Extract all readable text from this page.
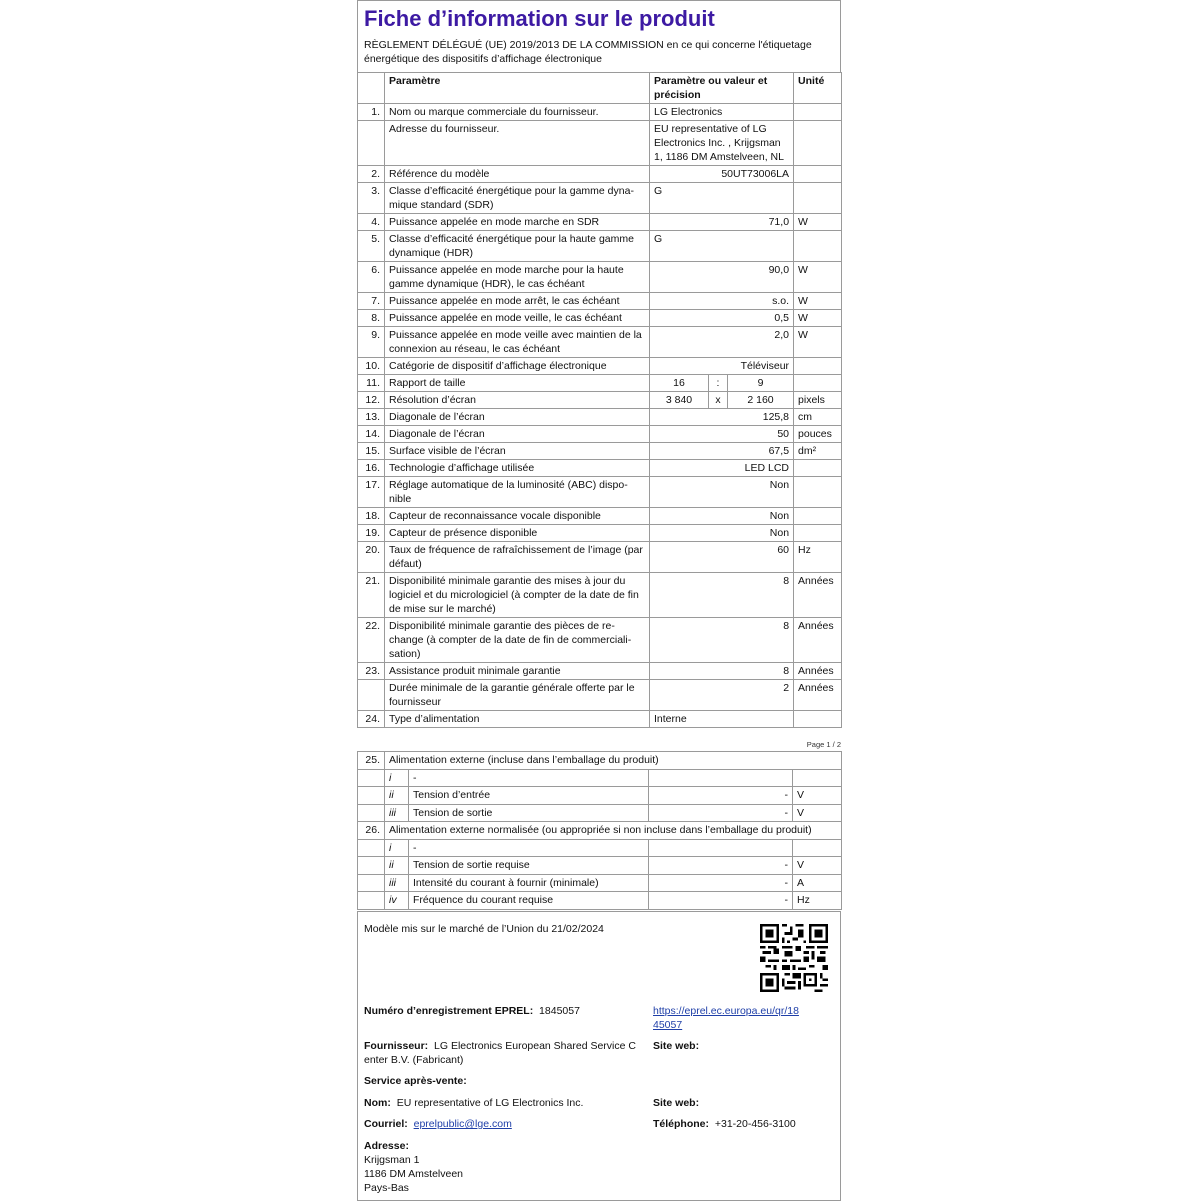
Fiche d’information sur le produit
RÈGLEMENT DÉLÉGUÉ (UE) 2019/2013 DE LA COMMISSION en ce qui concerne l'étiquetage énergétique des dispositifs d’affichage électronique
	Paramètre	Paramètre ou valeur et précision			Unité
1.	Nom ou marque commerciale du fournisseur.	LG Electronics			
	Adresse du fournisseur.	EU representative of LG Electronics Inc. , Krijgsman 1, 1186 DM Amstelveen, NL			
2.	Référence du modèle	50UT73006LA			
3.	Classe d’efficacité énergétique pour la gamme dyna-mique standard (SDR)	G			
4.	Puissance appelée en mode marche en SDR	71,0			W
5.	Classe d’efficacité énergétique pour la haute gamme dynamique (HDR)	G			
6.	Puissance appelée en mode marche pour la haute gamme dynamique (HDR), le cas échéant	90,0			W
7.	Puissance appelée en mode arrêt, le cas échéant	s.o.			W
8.	Puissance appelée en mode veille, le cas échéant	0,5			W
9.	Puissance appelée en mode veille avec maintien de la connexion au réseau, le cas échéant	2,0			W
10.	Catégorie de dispositif d’affichage électronique	Téléviseur			
11.	Rapport de taille	16	:	9	
12.	Résolution d’écran	3 840	x	2 160	pixels
13.	Diagonale de l’écran	125,8			cm
14.	Diagonale de l’écran	50			pouces
15.	Surface visible de l’écran	67,5			dm²
16.	Technologie d’affichage utilisée	LED LCD			
17.	Réglage automatique de la luminosité (ABC) dispo-nible	Non			
18.	Capteur de reconnaissance vocale disponible	Non			
19.	Capteur de présence disponible	Non			
20.	Taux de fréquence de rafraîchissement de l’image (par défaut)	60			Hz
21.	Disponibilité minimale garantie des mises à jour du logiciel et du micrologiciel (à compter de la date de fin de mise sur le marché)	8			Années
22.	Disponibilité minimale garantie des pièces de re-change (à compter de la date de fin de commerciali-sation)	8			Années
23.	Assistance produit minimale garantie	8			Années
	Durée minimale de la garantie générale offerte par le fournisseur	2			Années
24.	Type d’alimentation	Interne			
Page 1 / 2
25.	Alimentation externe (incluse dans l’emballage du produit)			
	i	-		
	ii	Tension d’entrée	-	V
	iii	Tension de sortie	-	V
26.	Alimentation externe normalisée (ou appropriée si non incluse dans l’emballage du produit)			
	i	-		
	ii	Tension de sortie requise	-	V
	iii	Intensité du courant à fournir (minimale)	-	A
	iv	Fréquence du courant requise	-	Hz
Modèle mis sur le marché de l’Union du 21/02/2024
Numéro d’enregistrement EPREL: 1845057	https://eprel.ec.europa.eu/qr/18
45057
Fournisseur: LG Electronics European Shared Service C
enter B.V. (Fabricant)
Site web:
Service après-vente:
Nom: EU representative of LG Electronics Inc.	Site web:
Courriel: eprelpublic@lge.com	Téléphone: +31-20-456-3100
Adresse:
Krijgsman 1
1186 DM Amstelveen
Pays-Bas
